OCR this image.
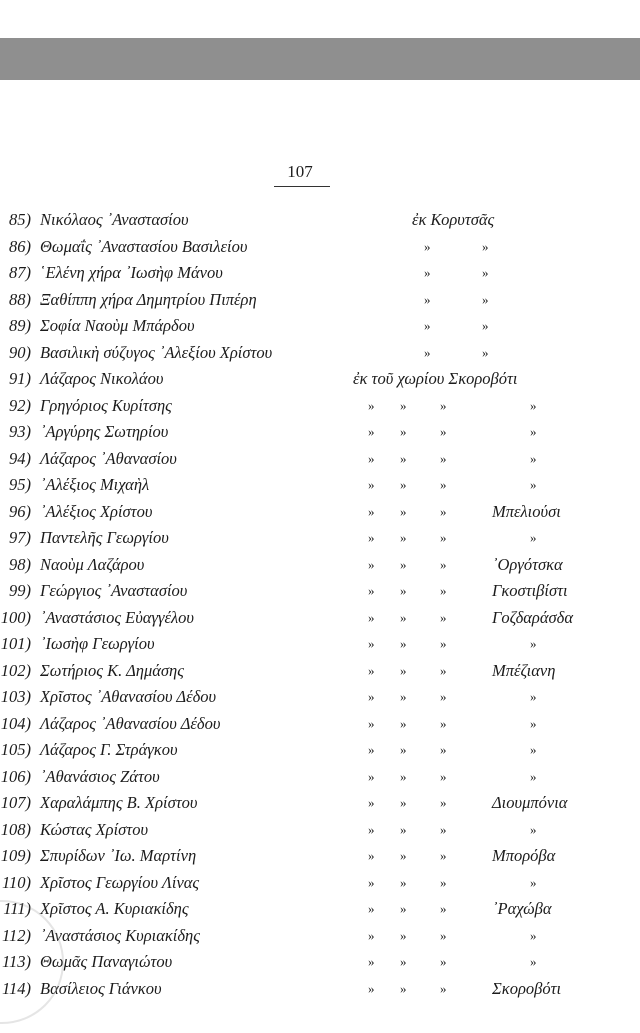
107
85) Νικόλαος ᾽Αναστασίου	ἐκ Κορυτσᾶς
86) Θωμαΐς ᾽Αναστασίου Βασιλείου	»	»
87) ῾Ελένη χήρα ᾽Ιωσὴφ Μάνου	»	»
88) Ξαθίππη χήρα Δημητρίου Πιπέρη	»	»
89) Σοφία Ναοὺμ Μπάρδου	»	»
90) Βασιλικὴ σύζυγος ᾽Αλεξίου Χρίστου	»	»
91) Λάζαρος Νικολάου	ἐκ τοῦ χωρίου Σκοροβότι
92) Γρηγόριος Κυρίτσης	» »	»	»
93) ᾽Αργύρης Σωτηρίου	» »	»	»
94) Λάζαρος ᾽Αθανασίου	» »	»	»
95) ᾽Αλέξιος Μιχαὴλ	» »	»	»
96) ᾽Αλέξιος Χρίστου	» »	»	Μπελιούσι
97) Παντελῆς Γεωργίου	» »	»	»
98) Ναοὺμ Λαζάρου	» »	»	᾽Οργότσκα
99) Γεώργιος ᾽Αναστασίου	» »	»	Γκοστιβίστι
100) ᾽Αναστάσιος Εὐαγγέλου	» »	»	Γοζδαράσδα
101) ᾽Ιωσὴφ Γεωργίου	» »	»	»
102) Σωτήριος Κ. Δημάσης	» »	»	Μπέζιανη
103) Χρῖστος ᾽Αθανασίου Δέδου	» »	»	»
104) Λάζαρος ᾽Αθανασίου Δέδου	» »	»	»
105) Λάζαρος Γ. Στράγκου	» »	»	»
106) ᾽Αθανάσιος Ζάτου	» »	»	»
107) Χαραλάμπης Β. Χρίστου	» »	»	Διουμπόνια
108) Κώστας Χρίστου	» »	»	»
109) Σπυρίδων ᾽Ιω. Μαρτίνη	» »	»	Μπορόβα
110) Χρῖστος Γεωργίου Λίνας	» »	»	»
111) Χρῖστος Α. Κυριακίδης	» »	»	᾽Ραχώβα
112) ᾽Αναστάσιος Κυριακίδης	» »	»	»
113) Θωμᾶς Παναγιώτου	» »	»	»
114) Βασίλειος Γιάνκου	» »	»	Σκοροβότι
